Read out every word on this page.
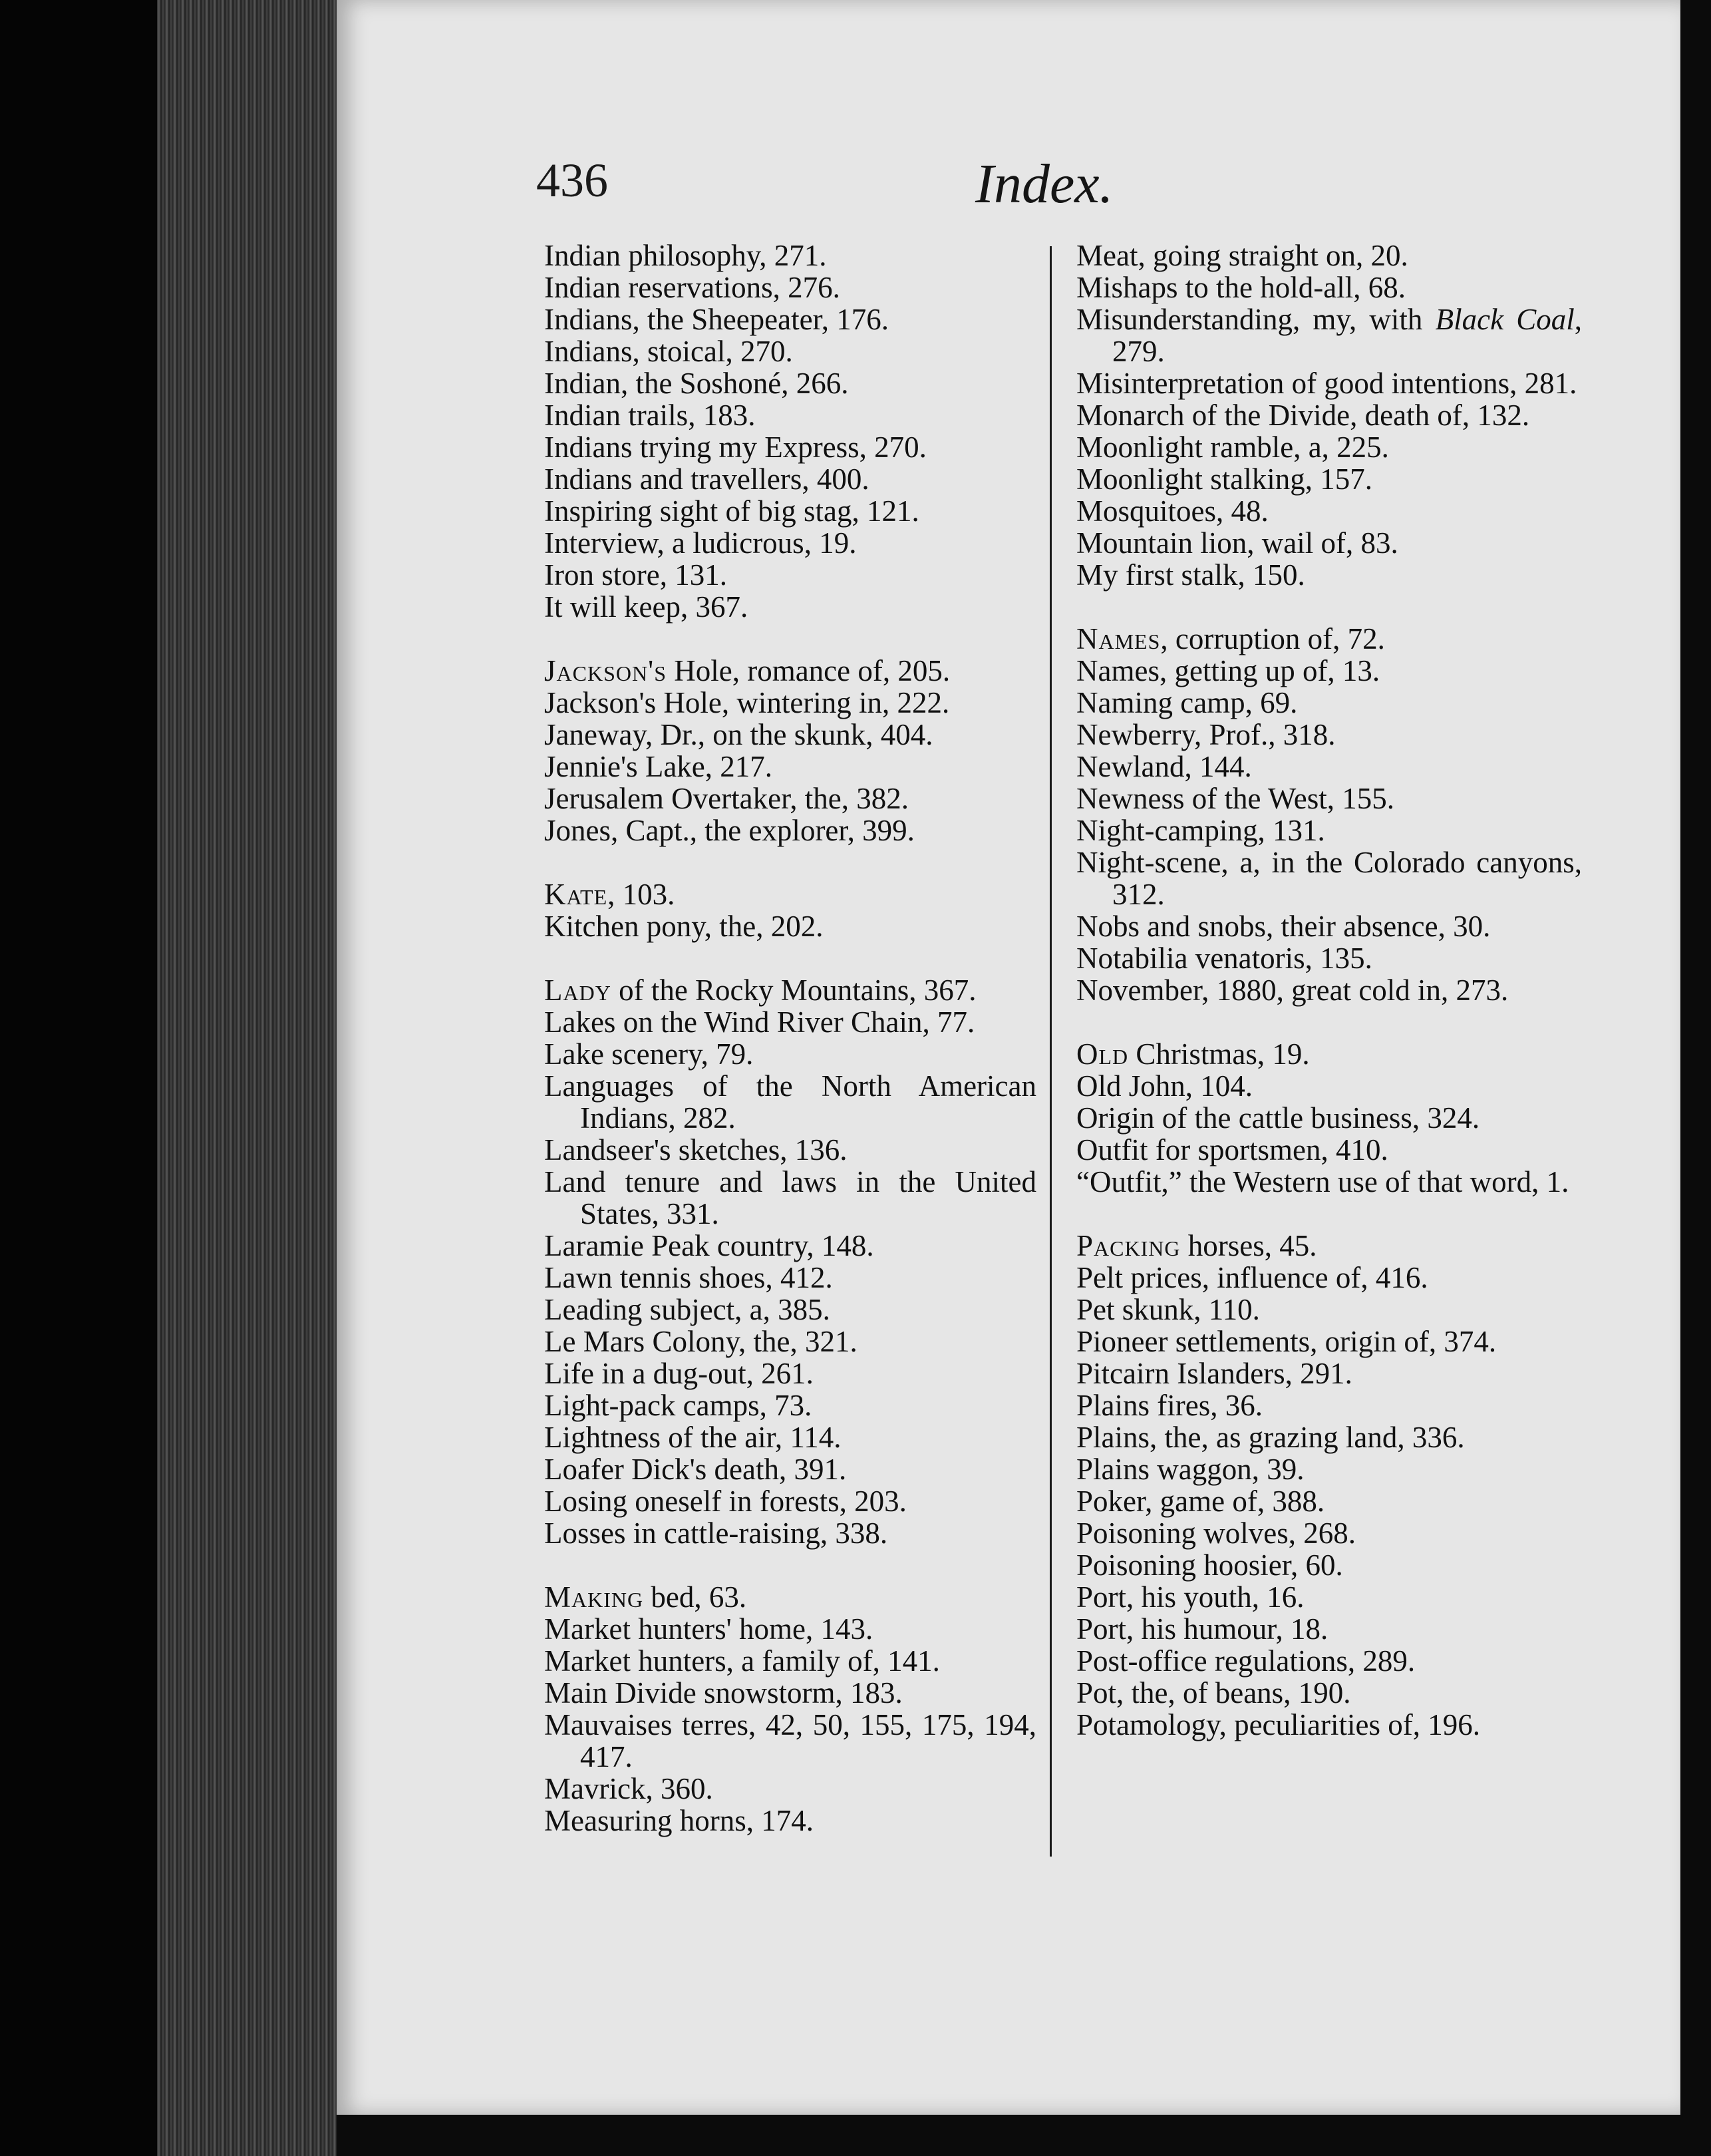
436	Index.
Indian philosophy, 271.
Indian reservations, 276.
Indians, the Sheepeater, 176.
Indians, stoical, 270.
Indian, the Soshoné, 266.
Indian trails, 183.
Indians trying my Express, 270.
Indians and travellers, 400.
Inspiring sight of big stag, 121.
Interview, a ludicrous, 19.
Iron store, 131.
It will keep, 367.
Jackson's Hole, romance of, 205.
Jackson's Hole, wintering in, 222.
Janeway, Dr., on the skunk, 404.
Jennie's Lake, 217.
Jerusalem Overtaker, the, 382.
Jones, Capt., the explorer, 399.
Kate, 103.
Kitchen pony, the, 202.
Lady of the Rocky Mountains, 367.
Lakes on the Wind River Chain, 77.
Lake scenery, 79.
Languages of the North American Indians, 282.
Landseer's sketches, 136.
Land tenure and laws in the United States, 331.
Laramie Peak country, 148.
Lawn tennis shoes, 412.
Leading subject, a, 385.
Le Mars Colony, the, 321.
Life in a dug-out, 261.
Light-pack camps, 73.
Lightness of the air, 114.
Loafer Dick's death, 391.
Losing oneself in forests, 203.
Losses in cattle-raising, 338.
Making bed, 63.
Market hunters' home, 143.
Market hunters, a family of, 141.
Main Divide snowstorm, 183.
Mauvaises terres, 42, 50, 155, 175, 194, 417.
Mavrick, 360.
Measuring horns, 174.
Meat, going straight on, 20.
Mishaps to the hold-all, 68.
Misunderstanding, my, with Black Coal, 279.
Misinterpretation of good intentions, 281.
Monarch of the Divide, death of, 132.
Moonlight ramble, a, 225.
Moonlight stalking, 157.
Mosquitoes, 48.
Mountain lion, wail of, 83.
My first stalk, 150.
Names, corruption of, 72.
Names, getting up of, 13.
Naming camp, 69.
Newberry, Prof., 318.
Newland, 144.
Newness of the West, 155.
Night-camping, 131.
Night-scene, a, in the Colorado canyons, 312.
Nobs and snobs, their absence, 30.
Notabilia venatoris, 135.
November, 1880, great cold in, 273.
Old Christmas, 19.
Old John, 104.
Origin of the cattle business, 324.
Outfit for sportsmen, 410.
“Outfit,” the Western use of that word, 1.
Packing horses, 45.
Pelt prices, influence of, 416.
Pet skunk, 110.
Pioneer settlements, origin of, 374.
Pitcairn Islanders, 291.
Plains fires, 36.
Plains, the, as grazing land, 336.
Plains waggon, 39.
Poker, game of, 388.
Poisoning wolves, 268.
Poisoning hoosier, 60.
Port, his youth, 16.
Port, his humour, 18.
Post-office regulations, 289.
Pot, the, of beans, 190.
Potamology, peculiarities of, 196.
